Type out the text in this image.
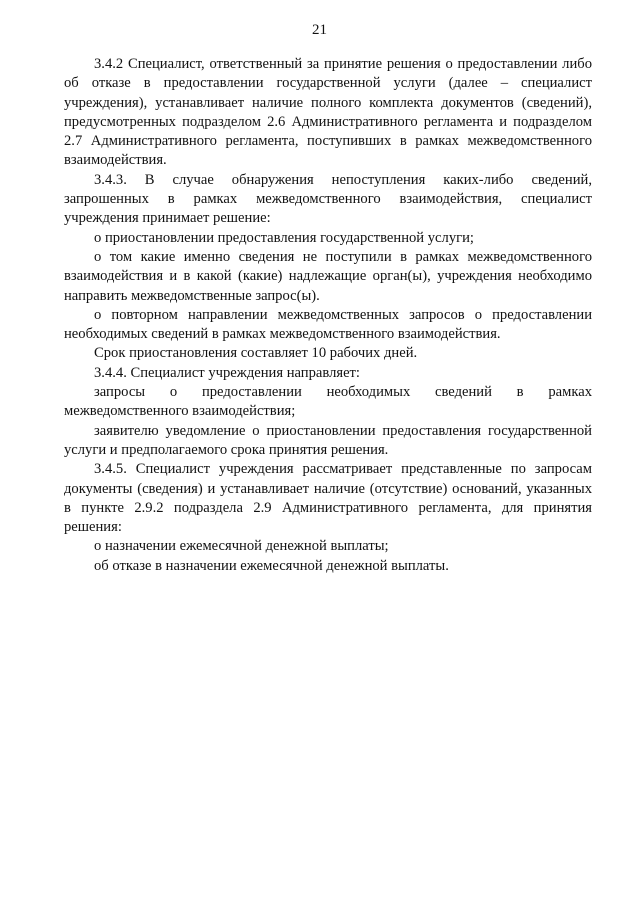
21

3.4.2 Специалист, ответственный за принятие решения о предоставлении либо об отказе в предоставлении государственной услуги (далее – специалист учреждения), устанавливает наличие полного комплекта документов (сведений), предусмотренных подразделом 2.6 Административного регламента и подразделом 2.7 Административного регламента, поступивших в рамках межведомственного взаимодействия.

3.4.3. В случае обнаружения непоступления каких-либо сведений, запрошенных в рамках межведомственного взаимодействия, специалист учреждения принимает решение:

о приостановлении предоставления государственной услуги;

о том какие именно сведения не поступили в рамках межведомственного взаимодействия и в какой (какие) надлежащие орган(ы), учреждения необходимо направить межведомственные запрос(ы).

о повторном направлении межведомственных запросов о предоставлении необходимых сведений в рамках межведомственного взаимодействия.

Срок приостановления составляет 10 рабочих дней.

3.4.4. Специалист учреждения направляет:

запросы о предоставлении необходимых сведений в рамках межведомственного взаимодействия;

заявителю уведомление о приостановлении предоставления государственной услуги и предполагаемого срока принятия решения.

3.4.5. Специалист учреждения рассматривает представленные по запросам документы (сведения) и устанавливает наличие (отсутствие) оснований, указанных в пункте 2.9.2 подраздела 2.9 Административного регламента, для принятия решения:

о назначении ежемесячной денежной выплаты;

об отказе в назначении ежемесячной денежной выплаты.
